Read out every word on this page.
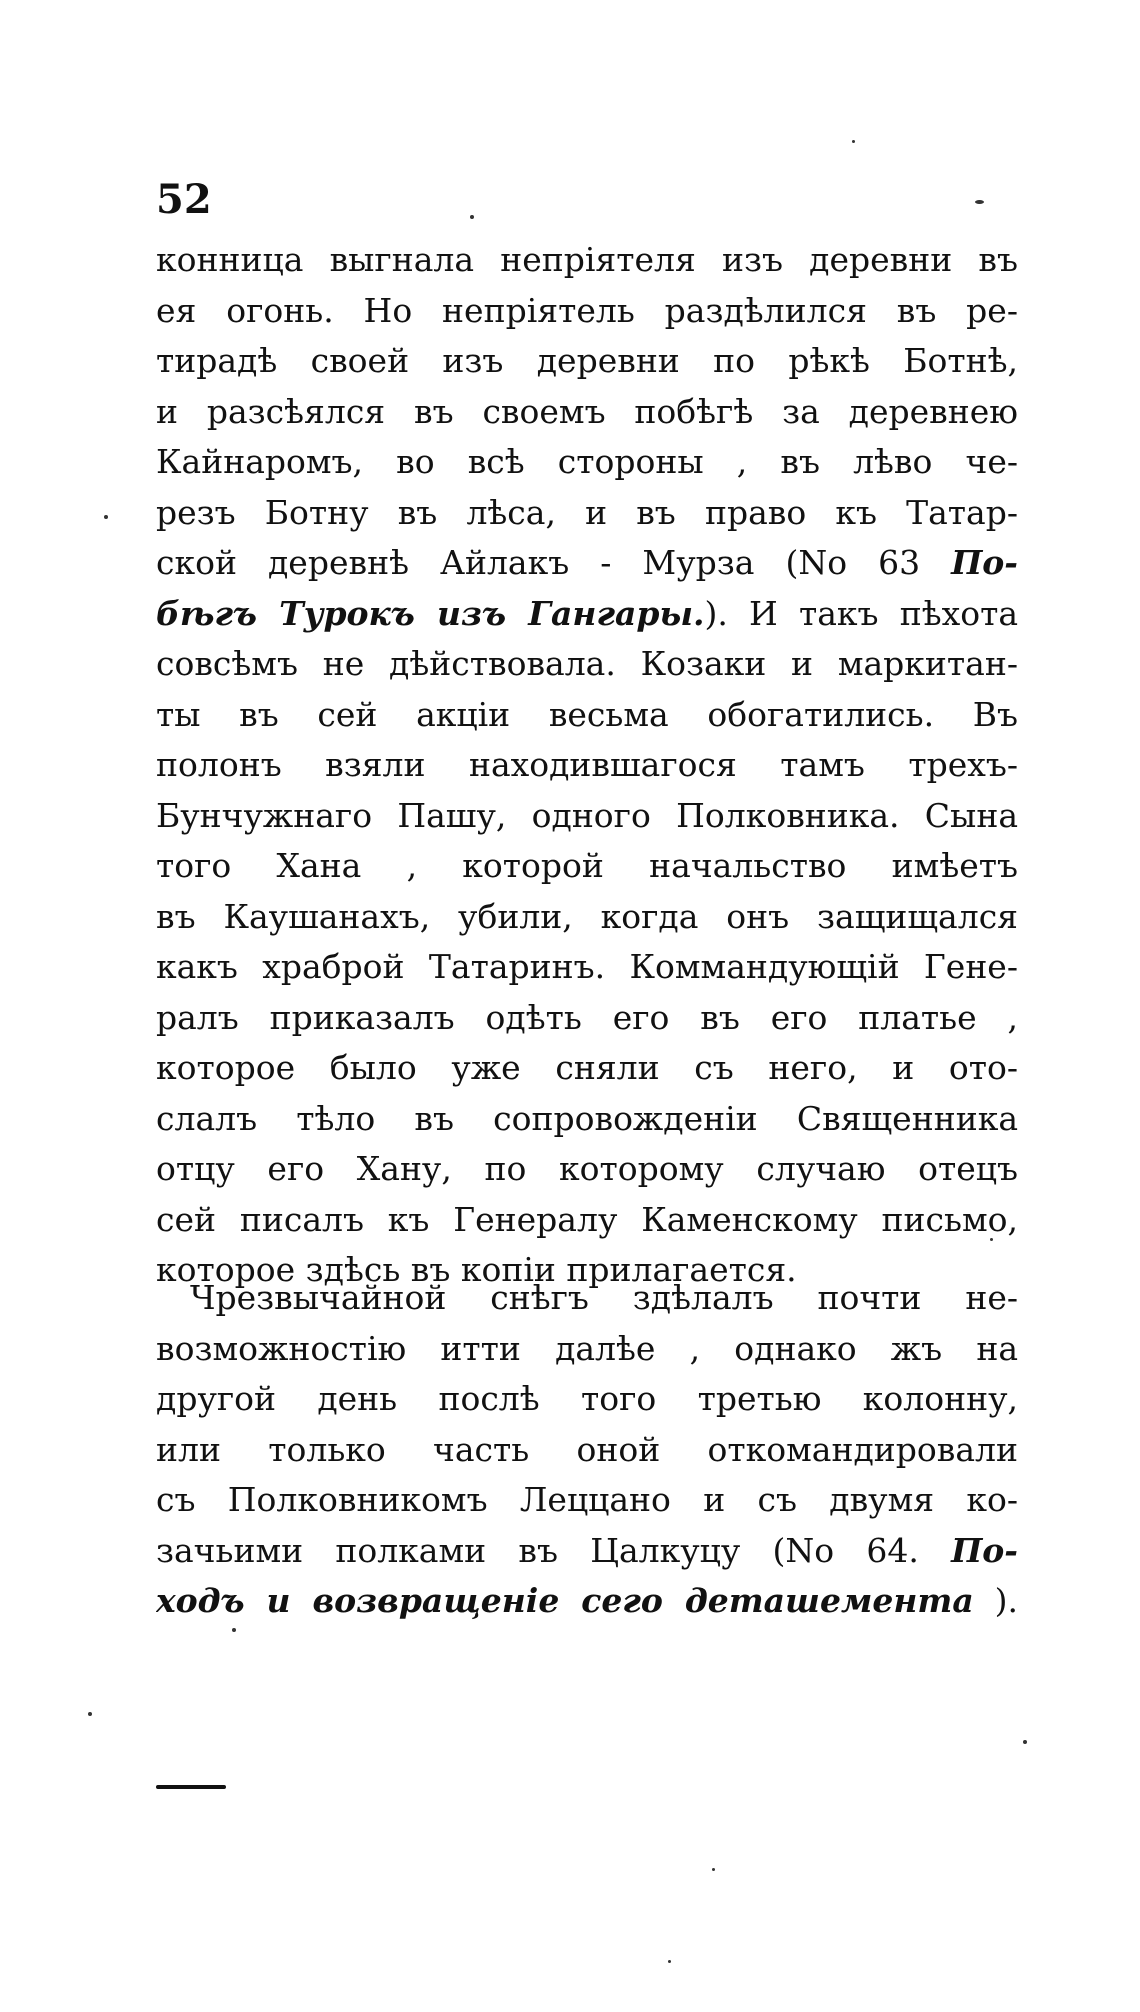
52
конница выгнала непріятеля изъ деревни въ
ея огонь. Но непріятель раздѣлился въ ре-
тирадѣ своей изъ деревни по рѣкѣ Ботнѣ,
и разсѣялся въ своемъ побѣгѣ за деревнею
Кайнаромъ, во всѣ стороны , въ лѣво че-
резъ Ботну въ лѣса, и въ право къ Татар-
ской деревнѣ Айлакъ - Мурза (No 63 По-
бѣгъ Турокъ изъ Гангары.). И такъ пѣхота
совсѣмъ не дѣйствовала. Козаки и маркитан-
ты въ сей акціи весьма обогатились. Въ
полонъ взяли находившагося тамъ трехъ-
Бунчужнаго Пашу, одного Полковника. Сына
того Хана , которой начальство имѣетъ
въ Каушанахъ, убили, когда онъ защищался
какъ храброй Татаринъ. Коммандующій Гене-
ралъ приказалъ одѣть его въ его платье ,
которое было уже сняли съ него, и ото-
слалъ тѣло въ сопровожденіи Священника
отцу его Хану, по которому случаю отецъ
сей писалъ къ Генералу Каменскому письмо,
которое здѣсь въ копіи прилагается.
Чрезвычайной снѣгъ здѣлалъ почти не-
возможностію итти далѣе , однако жъ на
другой день послѣ того третью колонну,
или только часть оной откомандировали
съ Полковникомъ Леццано и съ двумя ко-
зачьими полками въ Цалкуцу (No 64. По-
ходъ и возвращеніе сего деташемента ).
